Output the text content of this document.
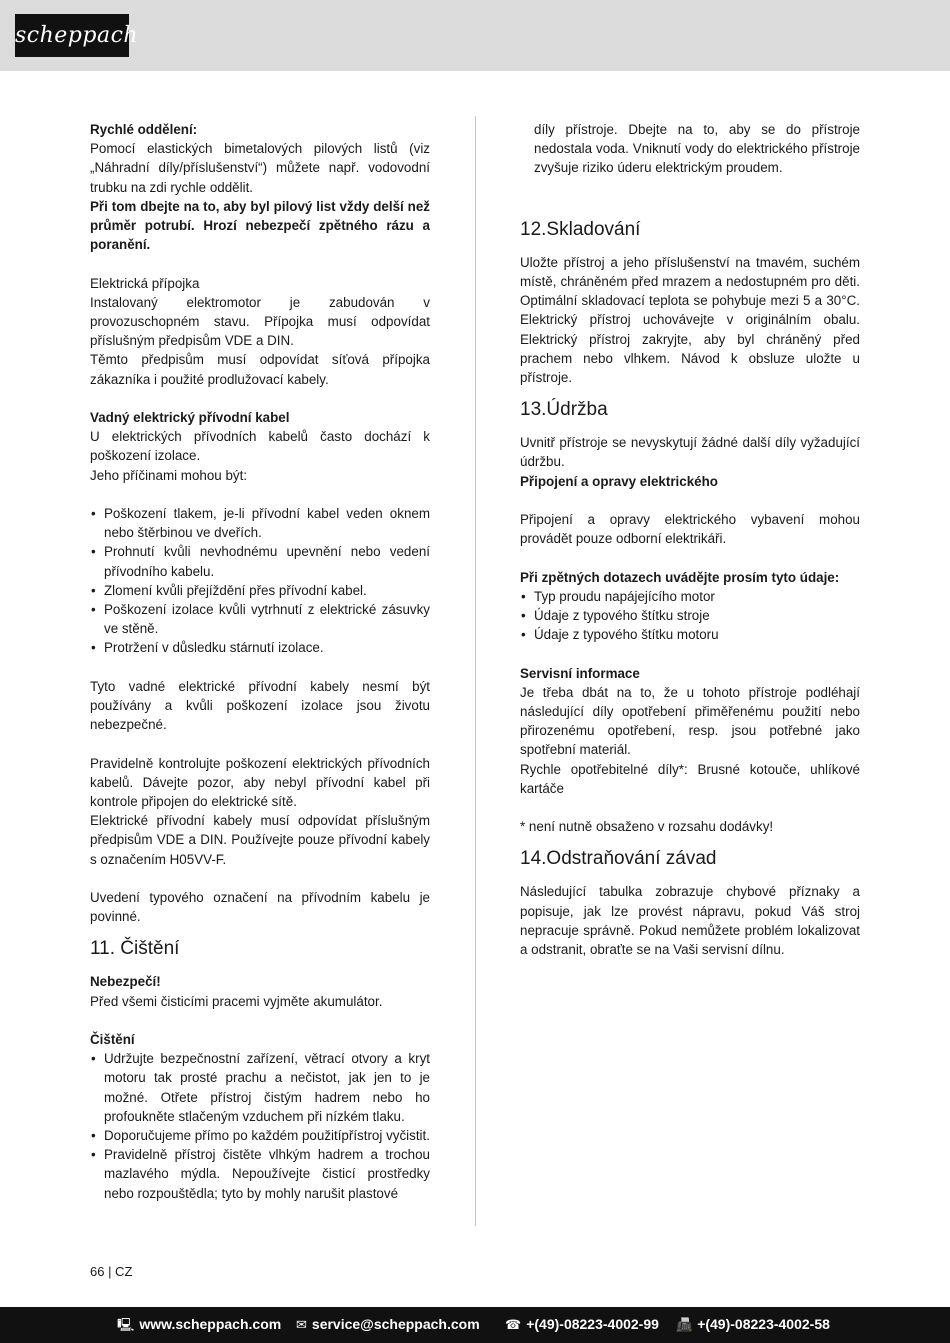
scheppach

Rychlé oddělení:

Pomocí elastických bimetalových pilových listů (viz „Náhradní díly/příslušenství“) můžete např. vodovodní trubku na zdi rychle oddělit.

Při tom dbejte na to, aby byl pilový list vždy delší než průměr potrubí. Hrozí nebezpečí zpětného rázu a poranění.

Elektrická přípojka

Instalovaný elektromotor je zabudován v provozuschopném stavu. Přípojka musí odpovídat příslušným předpisům VDE a DIN.

Těmto předpisům musí odpovídat síťová přípojka zákazníka i použité prodlužovací kabely.

Vadný elektrický přívodní kabel

U elektrických přívodních kabelů často dochází k poškození izolace.

Jeho příčinami mohou být:

• Poškození tlakem, je-li přívodní kabel veden oknem nebo štěrbinou ve dveřích.
• Prohnutí kvůli nevhodnému upevnění nebo vedení přívodního kabelu.
• Zlomení kvůli přejíždění přes přívodní kabel.
• Poškození izolace kvůli vytrhnutí z elektrické zásuvky ve stěně.
• Protržení v důsledku stárnutí izolace.

Tyto vadné elektrické přívodní kabely nesmí být používány a kvůli poškození izolace jsou životu nebezpečné.

Pravidelně kontrolujte poškození elektrických přívodních kabelů. Dávejte pozor, aby nebyl přívodní kabel při kontrole připojen do elektrické sítě.

Elektrické přívodní kabely musí odpovídat příslušným předpisům VDE a DIN. Používejte pouze přívodní kabely s označením H05VV-F.

Uvedení typového označení na přívodním kabelu je povinné.

11. Čištění

Nebezpečí!

Před všemi čisticími pracemi vyjměte akumulátor.

Čištění

• Udržujte bezpečnostní zařízení, větrací otvory a kryt motoru tak prosté prachu a nečistot, jak jen to je možné. Otřete přístroj čistým hadrem nebo ho profoukněte stlačeným vzduchem při nízkém tlaku.
• Doporučujeme přímo po každém použitípřístroj vyčistit.
• Pravidelně přístroj čistěte vlhkým hadrem a trochou mazlavého mýdla. Nepoužívejte čisticí prostředky nebo rozpouštědla; tyto by mohly narušit plastové

díly přístroje. Dbejte na to, aby se do přístroje nedostala voda. Vniknutí vody do elektrického přístroje zvyšuje riziko úderu elektrickým proudem.

12.Skladování

Uložte přístroj a jeho příslušenství na tmavém, suchém místě, chráněném před mrazem a nedostupném pro děti. Optimální skladovací teplota se pohybuje mezi 5 a 30°C. Elektrický přístroj uchovávejte v originálním obalu. Elektrický přístroj zakryjte, aby byl chráněný před prachem nebo vlhkem. Návod k obsluze uložte u přístroje.

13.Údržba

Uvnitř přístroje se nevyskytují žádné další díly vyžadující údržbu.

Připojení a opravy elektrického

Připojení a opravy elektrického vybavení mohou provádět pouze odborní elektrikáři.

Při zpětných dotazech uvádějte prosím tyto údaje:

• Typ proudu napájejícího motor
• Údaje z typového štítku stroje
• Údaje z typového štítku motoru

Servisní informace

Je třeba dbát na to, že u tohoto přístroje podléhají následující díly opotřebení přiměřenému použití nebo přirozenému opotřebení, resp. jsou potřebné jako spotřební materiál.

Rychle opotřebitelné díly*: Brusné kotouče, uhlíkové kartáče

* není nutně obsaženo v rozsahu dodávky!

14.Odstraňování závad

Následující tabulka zobrazuje chybové příznaky a popisuje, jak lze provést nápravu, pokud Váš stroj nepracuje správně. Pokud nemůžete problém lokalizovat a odstranit, obraťte se na Vaši servisní dílnu.

66 | CZ
🖳 www.scheppach.com ✉ service@scheppach.com ☎ +(49)-08223-4002-99 📠 +(49)-08223-4002-58
